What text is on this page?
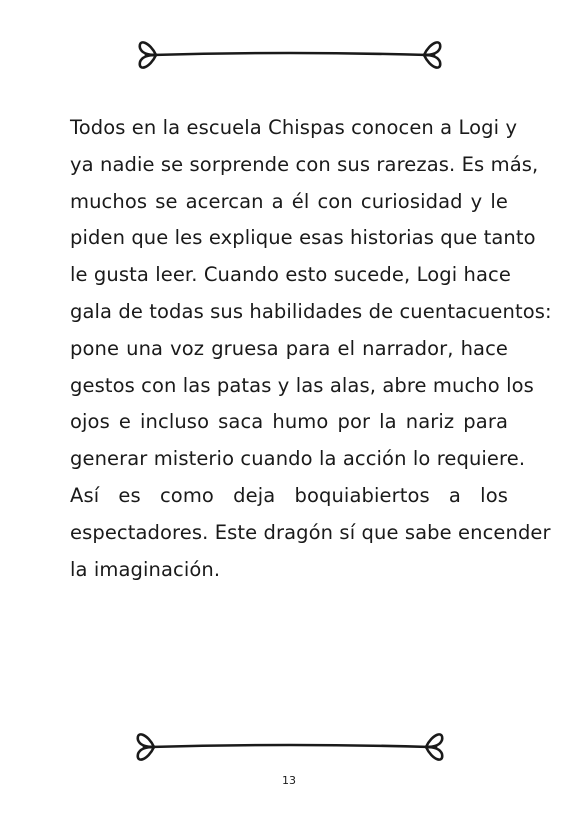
Todos en la escuela Chispas conocen a Logi y
ya nadie se sorprende con sus rarezas. Es más,
muchos se acercan a él con curiosidad y le
piden que les explique esas historias que tanto
le gusta leer. Cuando esto sucede, Logi hace
gala de todas sus habilidades de cuentacuentos:
pone una voz gruesa para el narrador, hace
gestos con las patas y las alas, abre mucho los
ojos e incluso saca humo por la nariz para
generar misterio cuando la acción lo requiere.
Así es como deja boquiabiertos a los
espectadores. Este dragón sí que sabe encender
la imaginación.
13
